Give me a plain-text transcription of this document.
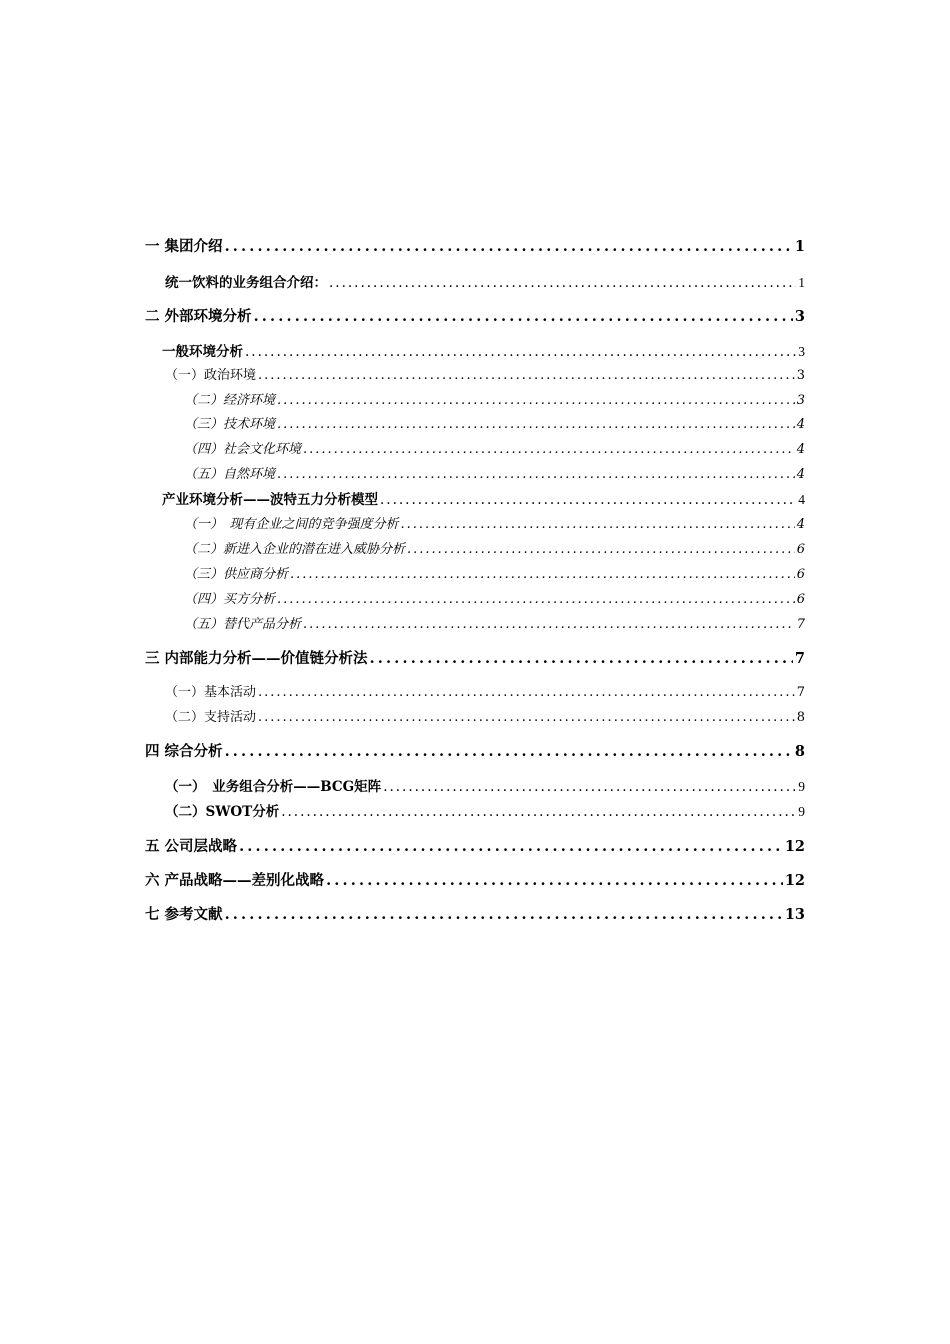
一 集团介绍 .....	1
统一饮料的业务组合介绍： .....	1
二 外部环境分析 .....	3
一般环境分析 .....	3
（一）政治环境 .....	3
（二）经济环境 .....	3
（三）技术环境 .....	4
（四）社会文化环境 .....	4
（五）自然环境 .....	4
产业环境分析——波特五力分析模型 .....	4
（一）　现有企业之间的竞争强度分析 .....	4
（二）新进入企业的潜在进入威胁分析 .....	6
（三）供应商分析 .....	6
（四）买方分析 .....	6
（五）替代产品分析 .....	7
三 内部能力分析——价值链分析法 .....	7
（一）基本活动 .....	7
（二）支持活动 .....	8
四 综合分析 .....	8
（一）　业务组合分析——BCG矩阵 .....	9
（二）SWOT分析 .....	9
五 公司层战略 .....	12
六 产品战略——差别化战略 .....	12
七 参考文献 .....	13
